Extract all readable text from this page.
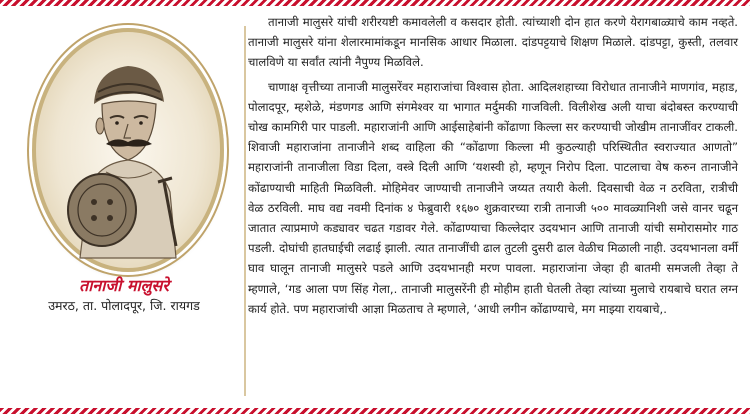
तानाजी मालुसरे
उमरठ, ता. पोलादपूर, जि. रायगड

तानाजी मालुसरे यांची शरीरयष्टी कमावलेली व कसदार होती. त्यांच्याशी दोन हात करणे येरागबाळ्याचे काम नव्हते. तानाजी मालुसरे यांना शेलारमामांकडून मानसिक आधार मिळाला. दांडपट्टयाचे शिक्षण मिळाले. दांडपट्टा, कुस्ती, तलवार चालविणे या सर्वांत त्यांनी नैपुण्य मिळविले.

चाणाक्ष वृत्तीच्या तानाजी मालुसरेंवर महाराजांचा विश्वास होता. आदिलशहाच्या विरोधात तानाजीने माणगांव, महाड, पोलादपूर, म्हशेळे, मंडणगड आणि संगमेश्वर या भागात मर्दुमकी गाजविली. विलीशेख अली याचा बंदोबस्त करण्याची चोख कामगिरी पार पाडली. महाराजांनी आणि आईसाहेबांनी कोंढाणा किल्ला सर करण्याची जोखीम तानाजींवर टाकली. शिवाजी महाराजांना तानाजीने शब्द वाहिला की “कोंढाणा किल्ला मी कुठल्याही परिस्थितीत स्वराज्यात आणतो” महाराजांनी तानाजीला विडा दिला, वस्त्रे दिली आणि ‘यशस्वी हो, म्हणून निरोप दिला. पाटलाचा वेष करुन तानाजीने कोंढाण्याची माहिती मिळविली. मोहिमेवर जाण्याची तानाजीने जय्यत तयारी केली. दिवसाची वेळ न ठरविता, रात्रीची वेळ ठरविली. माघ वद्य नवमी दिनांक ४ फेब्रुवारी १६७० शुक्रवारच्या रात्री तानाजी ५०० मावळ्यानिशी जसे वानर चढून जातात त्याप्रमाणे कड्यावर चढत गडावर गेले. कोंढाण्याचा किल्लेदार उदयभान आणि तानाजी यांची समोरासमोर गाठ पडली. दोघांची हातघाईची लढाई झाली. त्यात तानाजींची ढाल तुटली दुसरी ढाल वेळीच मिळाली नाही. उदयभानला वर्मी घाव घालून तानाजी मालुसरे पडले आणि उदयभानही मरण पावला. महाराजांना जेव्हा ही बातमी समजली तेव्हा ते म्हणाले, ‘गड आला पण सिंह गेला,. तानाजी मालुसरेंनी ही मोहीम हाती घेतली तेव्हा त्यांच्या मुलाचे रायबाचे घरात लग्न कार्य होते. पण महाराजांची आज्ञा मिळताच ते म्हणाले, ‘आधी लगीन कोंढाण्याचे, मग माझ्या रायबाचे,.
